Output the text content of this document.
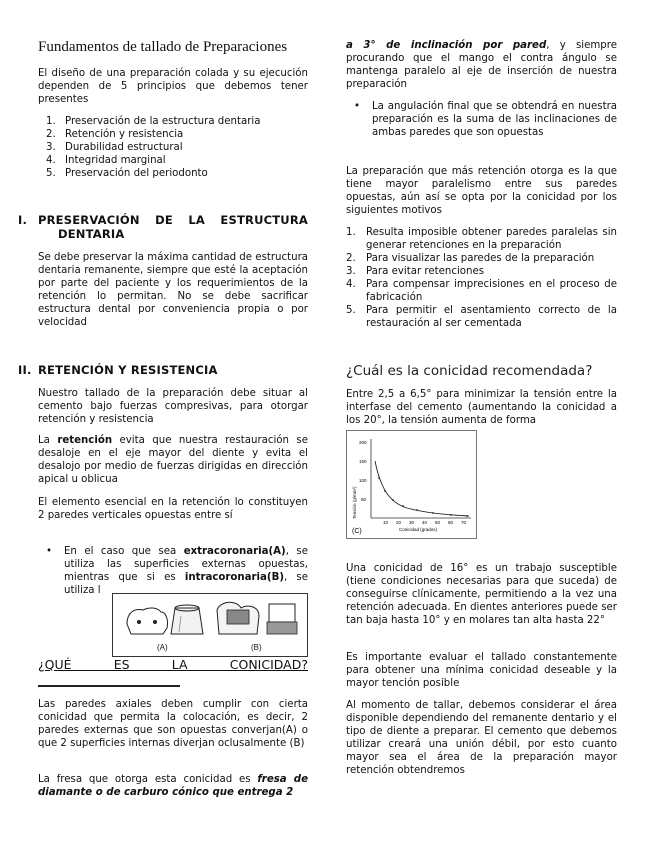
Fundamentos de tallado de Preparaciones

El diseño de una preparación colada y su ejecución dependen de 5 principios que debemos tener presentes

1. Preservación de la estructura dentaria
2. Retención y resistencia
3. Durabilidad estructural
4. Integridad marginal
5. Preservación del periodonto
I. PRESERVACIÓN DE LA ESTRUCTURA
DENTARIA

Se debe preservar la máxima cantidad de estructura dentaria remanente, siempre que esté la aceptación por parte del paciente y los requerimientos de la retención lo permitan. No se debe sacrificar estructura dental por conveniencia propia o por velocidad

II. RETENCIÓN Y RESISTENCIA

Nuestro tallado de la preparación debe situar al cemento bajo fuerzas compresivas, para otorgar retención y resistencia

La retención evita que nuestra restauración se desaloje en el eje mayor del diente y evita el desalojo por medio de fuerzas dirigidas en dirección apical u oblicua

El elemento esencial en la retención lo constituyen 2 paredes verticales opuestas entre sí

• En el caso que sea extracoronaria(A), se utiliza las superficies externas opuestas, mientras que si es intracoronaria(B), se utiliza l
(A)	(B)
¿QUÉ ES LA CONICIDAD?

Las paredes axiales deben cumplir con cierta conicidad que permita la colocación, es decir, 2 paredes externas que son opuestas converjan(A) o que 2 superficies internas diverjan oclusalmente (B)

La fresa que otorga esta conicidad es fresa de diamante o de carburo cónico que entrega 2

a 3° de inclinación por pared, y siempre procurando que el mango el contra ángulo se mantenga paralelo al eje de inserción de nuestra preparación

• La angulación final que se obtendrá en nuestra preparación es la suma de las inclinaciones de ambas paredes que son opuestas

La preparación que más retención otorga es la que tiene mayor paralelismo entre sus paredes opuestas, aún así se opta por la conicidad por los siguientes motivos

1. Resulta imposible obtener paredes paralelas sin generar retenciones en la preparación
2. Para visualizar las paredes de la preparación
3. Para evitar retenciones
4. Para compensar imprecisiones en el proceso de fabricación
5. Para permitir el asentamiento correcto de la restauración al ser cementada
¿Cuál es la conicidad recomendada?

Entre 2,5 a 6,5° para minimizar la tensión entre la interfase del cemento (aumentando la conicidad a los 20°, la tensión aumenta de forma

Tensión (g/mm²)
200
150
100
50
10 20 30 40 50 60 70
Conicidad (grados)
(C)

Una conicidad de 16° es un trabajo susceptible (tiene condiciones necesarias para que suceda) de conseguirse clínicamente, permitiendo a la vez una retención adecuada. En dientes anteriores puede ser tan baja hasta 10° y en molares tan alta hasta 22°

Es importante evaluar el tallado constantemente para obtener una mínima conicidad deseable y la mayor tención posible

Al momento de tallar, debemos considerar el área disponible dependiendo del remanente dentario y el tipo de diente a preparar. El cemento que debemos utilizar creará una unión débil, por esto cuanto mayor sea el área de la preparación mayor retención obtendremos
